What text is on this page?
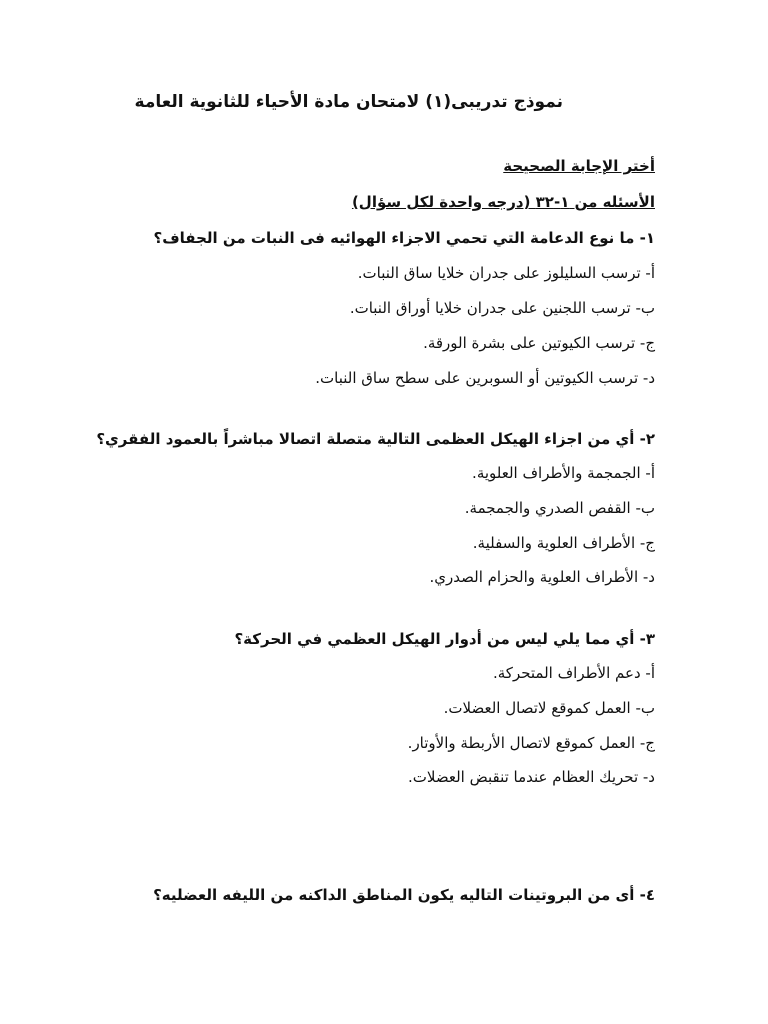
نموذج تدريبى(١) لامتحان مادة الأحياء للثانوية العامة
أختر الإجابة الصحيحة
الأسئله من ١-٣٢ (درجه واحدة لكل سؤال)
١- ما نوع الدعامة التي تحمي الاجزاء الهوائيه فى النبات من الجفاف؟
أ- ترسب السليلوز على جدران خلايا ساق النبات.
ب- ترسب اللجنين على جدران خلايا أوراق النبات.
ج- ترسب الكيوتين على بشرة الورقة.
د- ترسب الكيوتين أو السوبرين على سطح ساق النبات.
٢- أي من اجزاء الهيكل العظمى التالية متصلة اتصالا مباشراً بالعمود الفقري؟
أ- الجمجمة والأطراف العلوية.
ب- القفص الصدري والجمجمة.
ج- الأطراف العلوية والسفلية.
د- الأطراف العلوية والحزام الصدري.
٣- أي مما يلي ليس من أدوار الهيكل العظمي في الحركة؟
أ- دعم الأطراف المتحركة.
ب- العمل كموقع لاتصال العضلات.
ج- العمل كموقع لاتصال الأربطة والأوتار.
د- تحريك العظام عندما تنقبض العضلات.
٤- أى من البروتينات التاليه يكون المناطق الداكنه من الليفه العضليه؟
